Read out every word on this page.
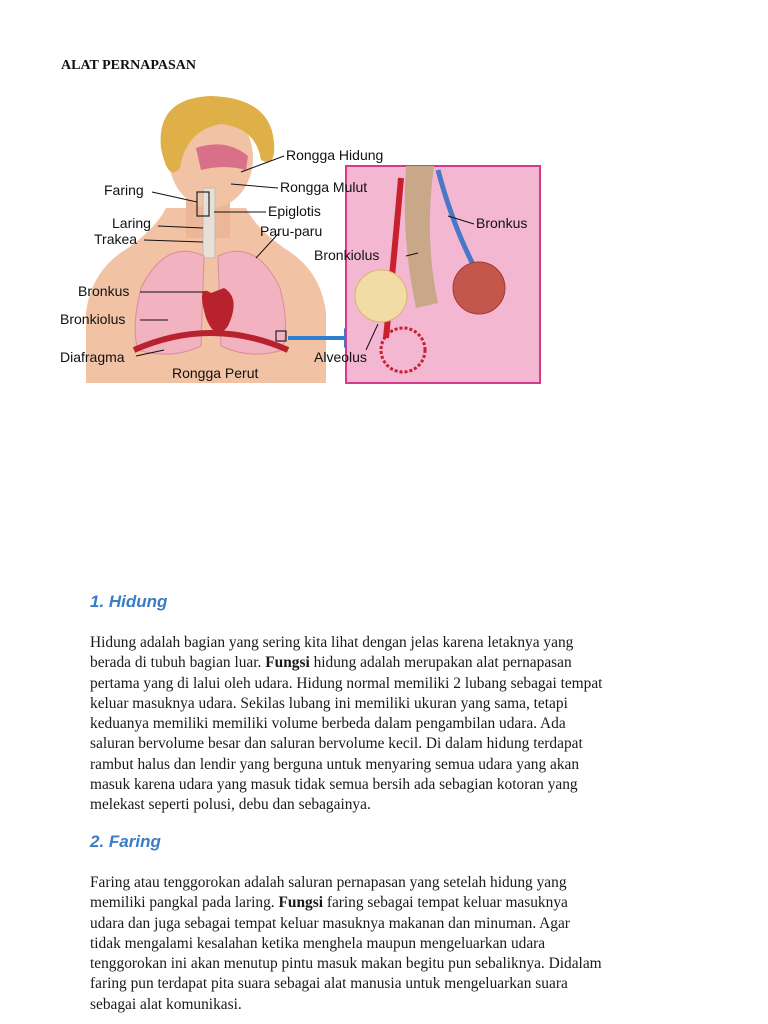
ALAT PERNAPASAN
Rongga Hidung
Rongga Mulut
Faring
Epiglotis
Laring	Paru-paru
Trakea
Bronkus
Bronkiolus
Diafragma
Rongga Perut
Bronkus
Bronkiolus
Alveolus
1. Hidung
Hidung adalah bagian yang sering kita lihat dengan jelas karena letaknya yang
berada di tubuh bagian luar. Fungsi hidung adalah merupakan alat pernapasan
pertama yang di lalui oleh udara. Hidung normal memiliki 2 lubang sebagai tempat
keluar masuknya udara. Sekilas lubang ini memiliki ukuran yang sama, tetapi
keduanya memiliki memiliki volume berbeda dalam pengambilan udara. Ada
saluran bervolume besar dan saluran bervolume kecil. Di dalam hidung terdapat
rambut halus dan lendir yang berguna untuk menyaring semua udara yang akan
masuk karena udara yang masuk tidak semua bersih ada sebagian kotoran yang
melekast seperti polusi, debu dan sebagainya.
2. Faring
Faring atau tenggorokan adalah saluran pernapasan yang setelah hidung yang
memiliki pangkal pada laring. Fungsi faring sebagai tempat keluar masuknya
udara dan juga sebagai tempat keluar masuknya makanan dan minuman. Agar
tidak mengalami kesalahan ketika menghela maupun mengeluarkan udara
tenggorokan ini akan menutup pintu masuk makan begitu pun sebaliknya. Didalam
faring pun terdapat pita suara sebagai alat manusia untuk mengeluarkan suara
sebagai alat komunikasi.
